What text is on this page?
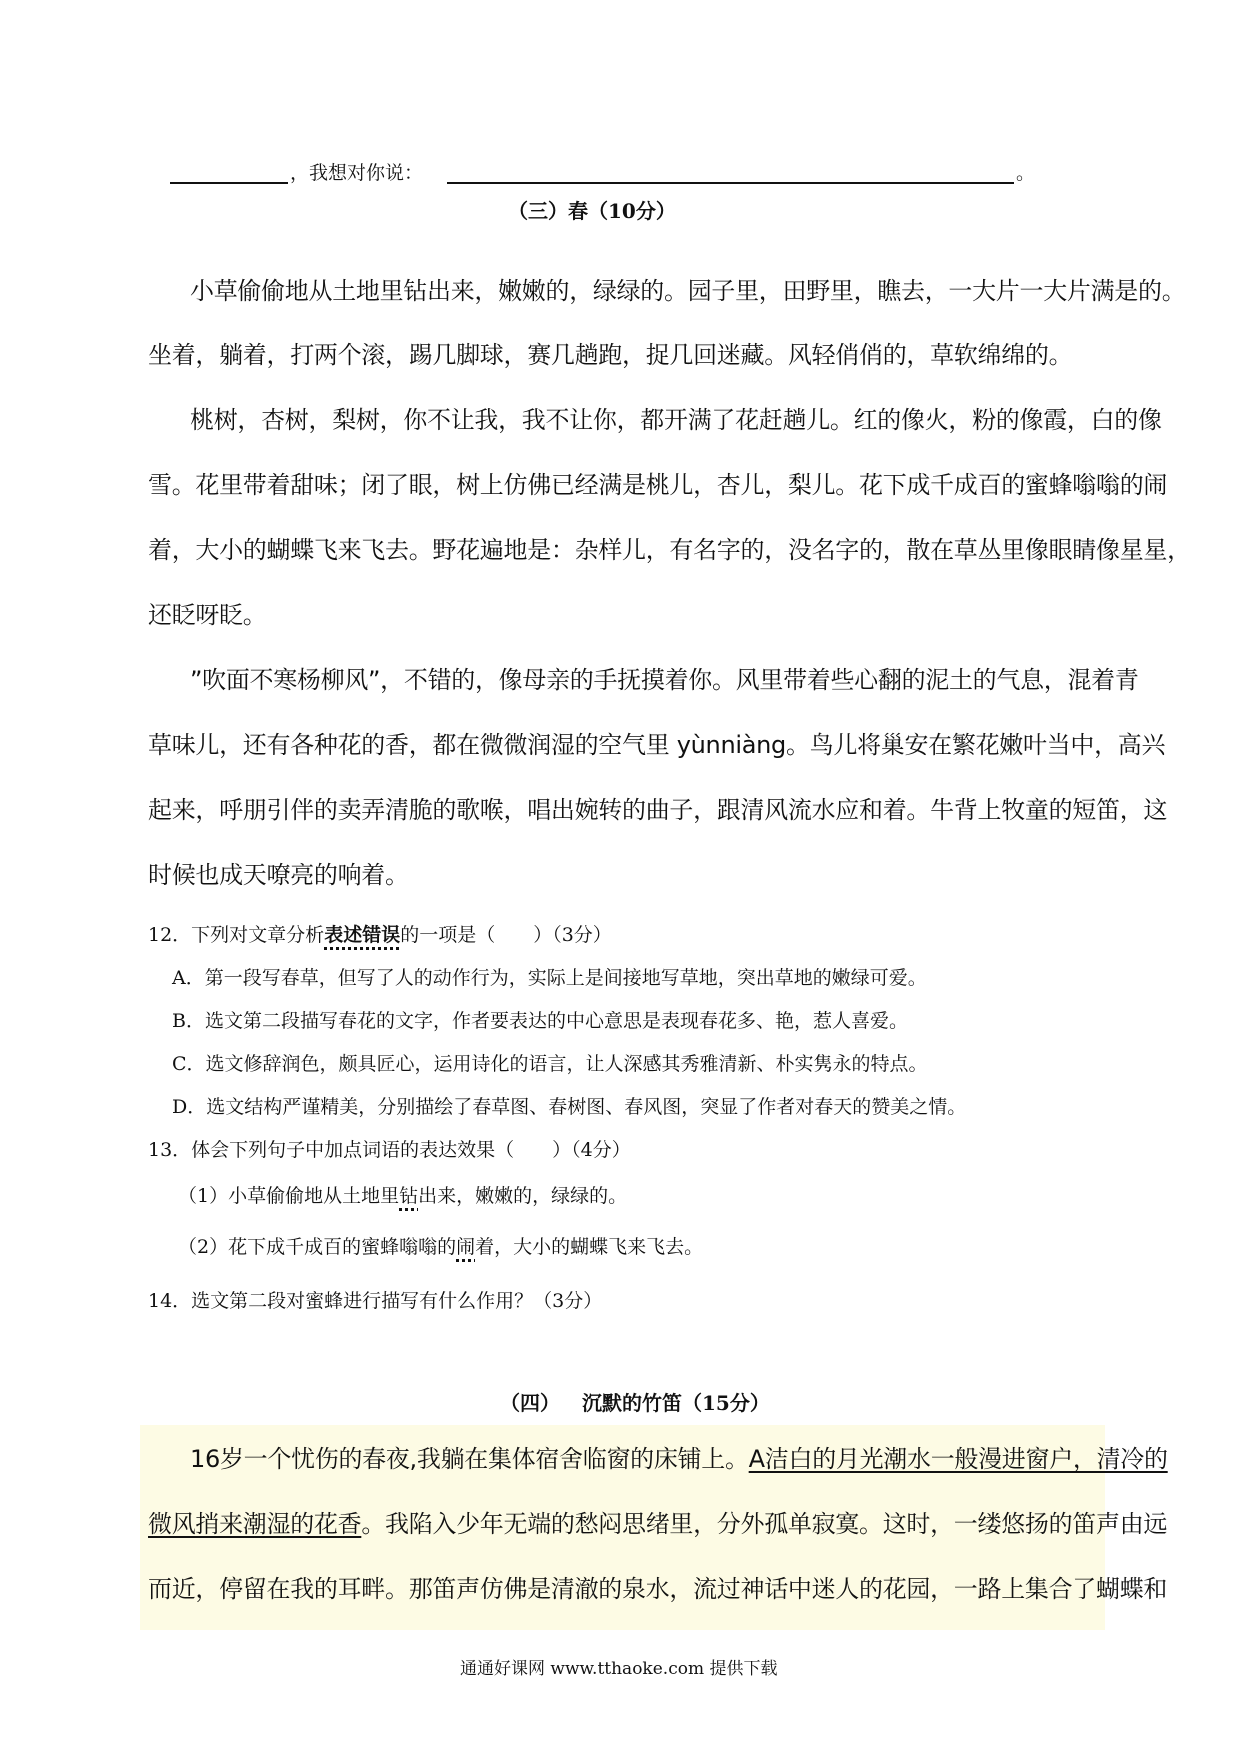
，我想对你说：	。
（三）春（10分）
小草偷偷地从土地里钻出来，嫩嫩的，绿绿的。园子里，田野里，瞧去，一大片一大片满是的。
坐着，躺着，打两个滚，踢几脚球，赛几趟跑，捉几回迷藏。风轻俏俏的，草软绵绵的。
桃树，杏树，梨树，你不让我，我不让你，都开满了花赶趟儿。红的像火，粉的像霞，白的像
雪。花里带着甜味；闭了眼，树上仿佛已经满是桃儿，杏儿，梨儿。花下成千成百的蜜蜂嗡嗡的闹
着，大小的蝴蝶飞来飞去。野花遍地是：杂样儿，有名字的，没名字的，散在草丛里像眼睛像星星，
还眨呀眨。
”吹面不寒杨柳风”，不错的，像母亲的手抚摸着你。风里带着些心翻的泥土的气息，混着青
草味儿，还有各种花的香，都在微微润湿的空气里 yùnniàng。鸟儿将巢安在繁花嫩叶当中，高兴
起来，呼朋引伴的卖弄清脆的歌喉，唱出婉转的曲子，跟清风流水应和着。牛背上牧童的短笛，这
时候也成天嘹亮的响着。
12．下列对文章分析表述错误的一项是（　　）（3分）
A．第一段写春草，但写了人的动作行为，实际上是间接地写草地，突出草地的嫩绿可爱。
B．选文第二段描写春花的文字，作者要表达的中心意思是表现春花多、艳，惹人喜爱。
C．选文修辞润色，颇具匠心，运用诗化的语言，让人深感其秀雅清新、朴实隽永的特点。
D．选文结构严谨精美，分别描绘了春草图、春树图、春风图，突显了作者对春天的赞美之情。
13．体会下列句子中加点词语的表达效果（　　）（4分）
（1）小草偷偷地从土地里钻出来，嫩嫩的，绿绿的。
（2）花下成千成百的蜜蜂嗡嗡的闹着，大小的蝴蝶飞来飞去。
14．选文第二段对蜜蜂进行描写有什么作用？（3分）
（四） 沉默的竹笛（15分）
16岁一个忧伤的春夜,我躺在集体宿舍临窗的床铺上。A洁白的月光潮水一般漫进窗户，清冷的
微风捎来潮湿的花香。我陷入少年无端的愁闷思绪里，分外孤单寂寞。这时，一缕悠扬的笛声由远
而近，停留在我的耳畔。那笛声仿佛是清澈的泉水，流过神话中迷人的花园，一路上集合了蝴蝶和
通通好课网 www.tthaoke.com 提供下载
